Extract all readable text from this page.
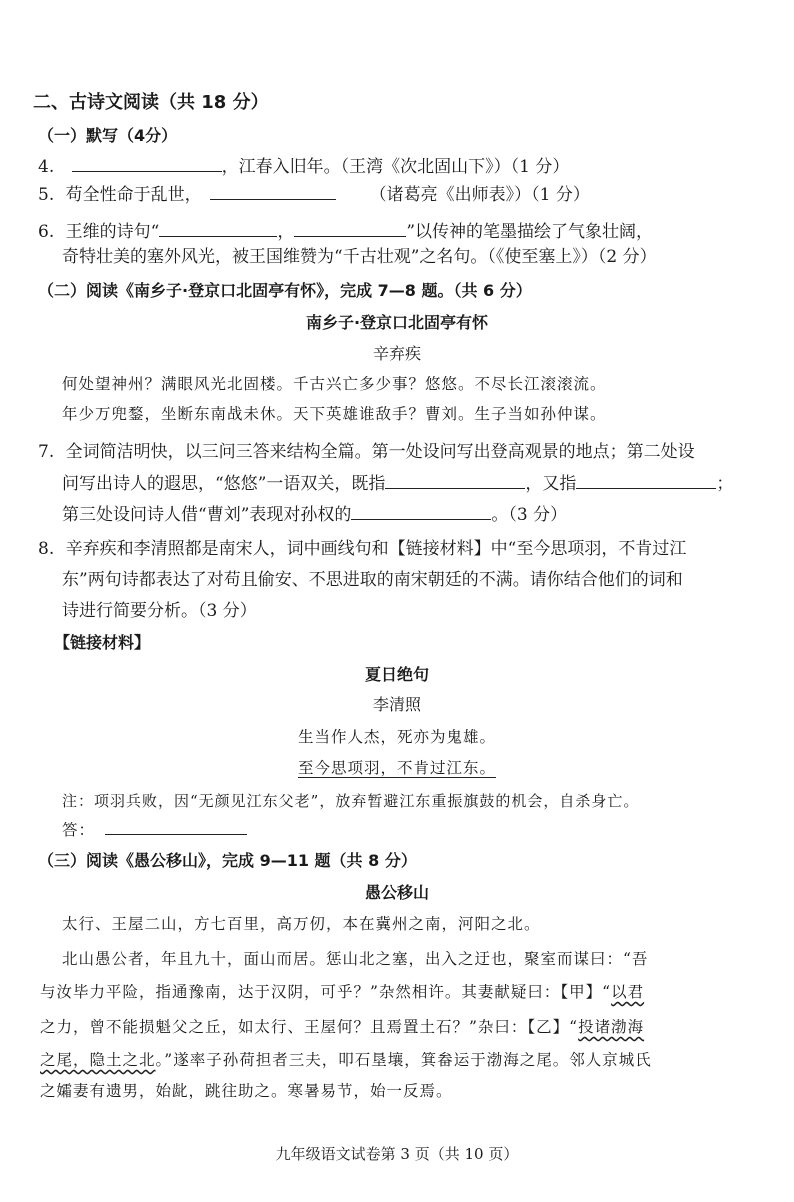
二、古诗文阅读（共 18 分）
（一）默写（4分）
4.	，江春入旧年。（王湾《次北固山下》）（1 分）
5. 苟全性命于乱世，	（诸葛亮《出师表》）（1 分）
6. 王维的诗句“	，	”以传神的笔墨描绘了气象壮阔，
奇特壮美的塞外风光，被王国维赞为“千古壮观”之名句。（《使至塞上》）（2 分）
（二）阅读《南乡子·登京口北固亭有怀》，完成 7—8 题。（共 6 分）
南乡子·登京口北固亭有怀
辛弃疾
何处望神州？满眼风光北固楼。千古兴亡多少事？悠悠。不尽长江滚滚流。
年少万兜鍪，坐断东南战未休。天下英雄谁敌手？曹刘。生子当如孙仲谋。
7. 全词简洁明快，以三问三答来结构全篇。第一处设问写出登高观景的地点；第二处设
问写出诗人的遐思，“悠悠”一语双关，既指	，又指	；
第三处设问诗人借“曹刘”表现对孙权的	。（3 分）
8. 辛弃疾和李清照都是南宋人，词中画线句和【链接材料】中“至今思项羽，不肯过江
东”两句诗都表达了对苟且偷安、不思进取的南宋朝廷的不满。请你结合他们的词和
诗进行简要分析。（3 分）
【链接材料】
夏日绝句
李清照
生当作人杰，死亦为鬼雄。
至今思项羽，不肯过江东。
注：项羽兵败，因“无颜见江东父老”，放弃暂避江东重振旗鼓的机会，自杀身亡。
答：
（三）阅读《愚公移山》，完成 9—11 题（共 8 分）
愚公移山
太行、王屋二山，方七百里，高万仞，本在冀州之南，河阳之北。
北山愚公者，年且九十，面山而居。惩山北之塞，出入之迂也，聚室而谋曰：“吾
与汝毕力平险，指通豫南，达于汉阴，可乎？”杂然相许。其妻献疑曰：【甲】“以君
之力，曾不能损魁父之丘，如太行、王屋何？且焉置土石？”杂曰：【乙】“投诸渤海
之尾，隐土之北。”遂率子孙荷担者三夫，叩石垦壤，箕畚运于渤海之尾。邻人京城氏
之孀妻有遗男，始龀，跳往助之。寒暑易节，始一反焉。
九年级语文试卷第 3 页（共 10 页）
